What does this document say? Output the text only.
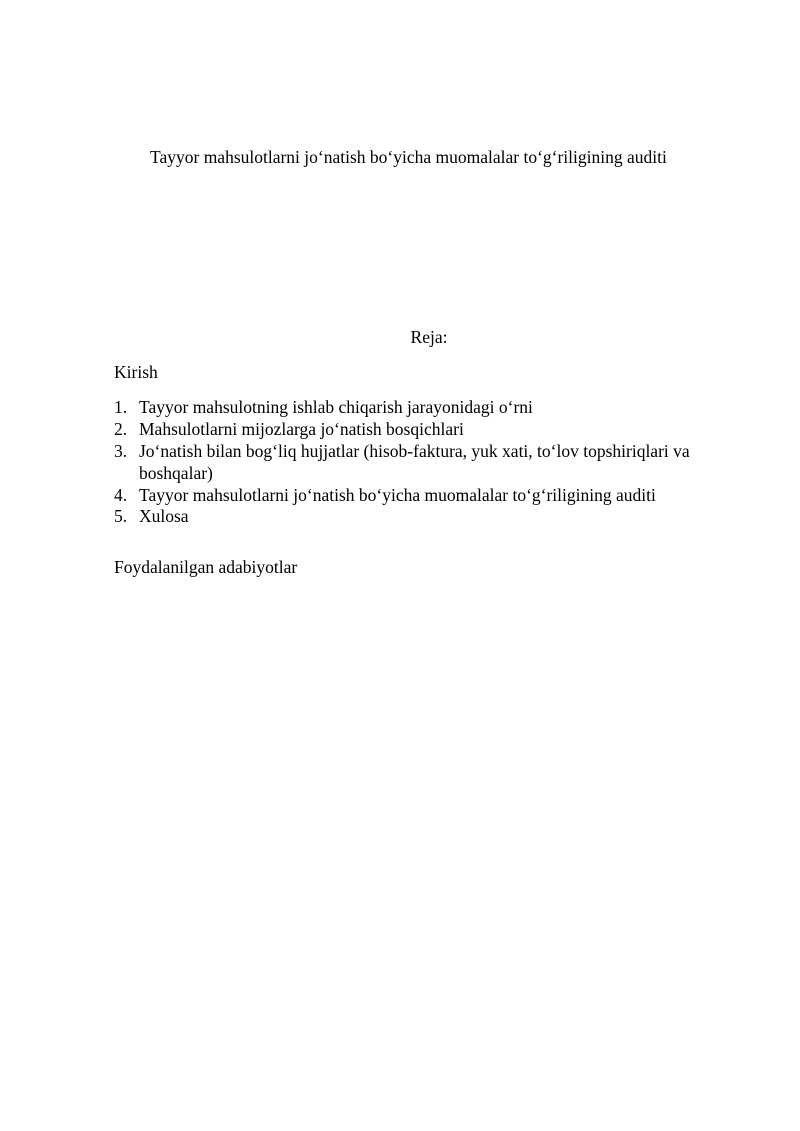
Tayyor mahsulotlarni jo‘natish bo‘yicha muomalalar to‘g‘riligining auditi
Reja:
Kirish
1. Tayyor mahsulotning ishlab chiqarish jarayonidagi o‘rni
2. Mahsulotlarni mijozlarga jo‘natish bosqichlari
3. Jo‘natish bilan bog‘liq hujjatlar (hisob-faktura, yuk xati, to‘lov topshiriqlari va boshqalar)
4. Tayyor mahsulotlarni jo‘natish bo‘yicha muomalalar to‘g‘riligining auditi
5. Xulosa
Foydalanilgan adabiyotlar
